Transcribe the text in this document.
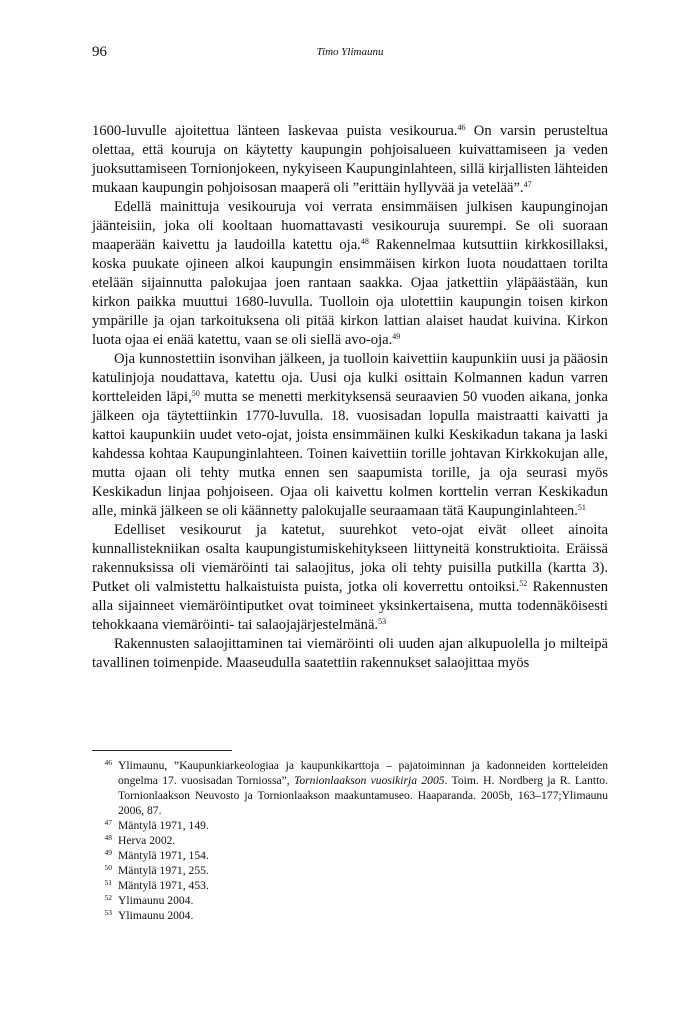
96	Timo Ylimaunu

1600-luvulle ajoitettua länteen laskevaa puista vesikourua.$^{46}$ On varsin perusteltua olettaa, että kouruja on käytetty kaupungin pohjoisalueen kuivattamiseen ja veden juoksuttamiseen Tornionjokeen, nykyiseen Kaupunginlahteen, sillä kirjallisten lähteiden mukaan kaupungin pohjoisosan maaperä oli ”erittäin hyllyvää ja vetelää”.$^{47}$

Edellä mainittuja vesikouruja voi verrata ensimmäisen julkisen kaupunginojan jäänteisiin, joka oli kooltaan huomattavasti vesikouruja suurempi. Se oli suoraan maaperään kaivettu ja laudoilla katettu oja.$^{48}$ Rakennelmaa kutsuttiin kirkkosillaksi, koska puukate ojineen alkoi kaupungin ensimmäisen kirkon luota noudattaen torilta etelään sijainnutta palokujaa joen rantaan saakka. Ojaa jatkettiin yläpäästään, kun kirkon paikka muuttui 1680-luvulla. Tuolloin oja ulotettiin kaupungin toisen kirkon ympärille ja ojan tarkoituksena oli pitää kirkon lattian alaiset haudat kuivina. Kirkon luota ojaa ei enää katettu, vaan se oli siellä avo-oja.$^{49}$

Oja kunnostettiin isonvihan jälkeen, ja tuolloin kaivettiin kaupunkiin uusi ja pääosin katulinjoja noudattava, katettu oja. Uusi oja kulki osittain Kolmannen kadun varren kortteleiden läpi,$^{50}$ mutta se menetti merkityksensä seuraavien 50 vuoden aikana, jonka jälkeen oja täytettiinkin 1770-luvulla. 18. vuosisadan lopulla maistraatti kaivatti ja kattoi kaupunkiin uudet veto-ojat, joista ensimmäinen kulki Keskikadun takana ja laski kahdessa kohtaa Kaupunginlahteen. Toinen kaivettiin torille johtavan Kirkkokujan alle, mutta ojaan oli tehty mutka ennen sen saapumista torille, ja oja seurasi myös Keskikadun linjaa pohjoiseen. Ojaa oli kaivettu kolmen korttelin verran Keskikadun alle, minkä jälkeen se oli käännetty palokujalle seuraamaan tätä Kaupunginlahteen.$^{51}$

Edelliset vesikourut ja katetut, suurehkot veto-ojat eivät olleet ainoita kunnallistekniikan osalta kaupungistumiskehitykseen liittyneitä konstruktioita. Eräissä rakennuksissa oli viemäröinti tai salaojitus, joka oli tehty puisilla putkilla (kartta 3). Putket oli valmistettu halkaistuista puista, jotka oli koverrettu ontoiksi.$^{52}$ Rakennusten alla sijainneet viemäröintiputket ovat toimineet yksinkertaisena, mutta todennäköisesti tehokkaana viemäröinti- tai salaojajärjestelmänä.$^{53}$

Rakennusten salaojittaminen tai viemäröinti oli uuden ajan alkupuolella jo milteipä tavallinen toimenpide. Maaseudulla saatettiin rakennukset salaojittaa myös

46 Ylimaunu, ”Kaupunkiarkeologiaa ja kaupunkikarttoja – pajatoiminnan ja kadonneiden kortteleiden ongelma 17. vuosisadan Torniossa”, Tornionlaakson vuosikirja 2005. Toim. H. Nordberg ja R. Lantto. Tornionlaakson Neuvosto ja Tornionlaakson maakuntamuseo. Haaparanda. 2005b, 163–177;Ylimaunu 2006, 87.
47 Mäntylä 1971, 149.
48 Herva 2002.
49 Mäntylä 1971, 154.
50 Mäntylä 1971, 255.
51 Mäntylä 1971, 453.
52 Ylimaunu 2004.
53 Ylimaunu 2004.
